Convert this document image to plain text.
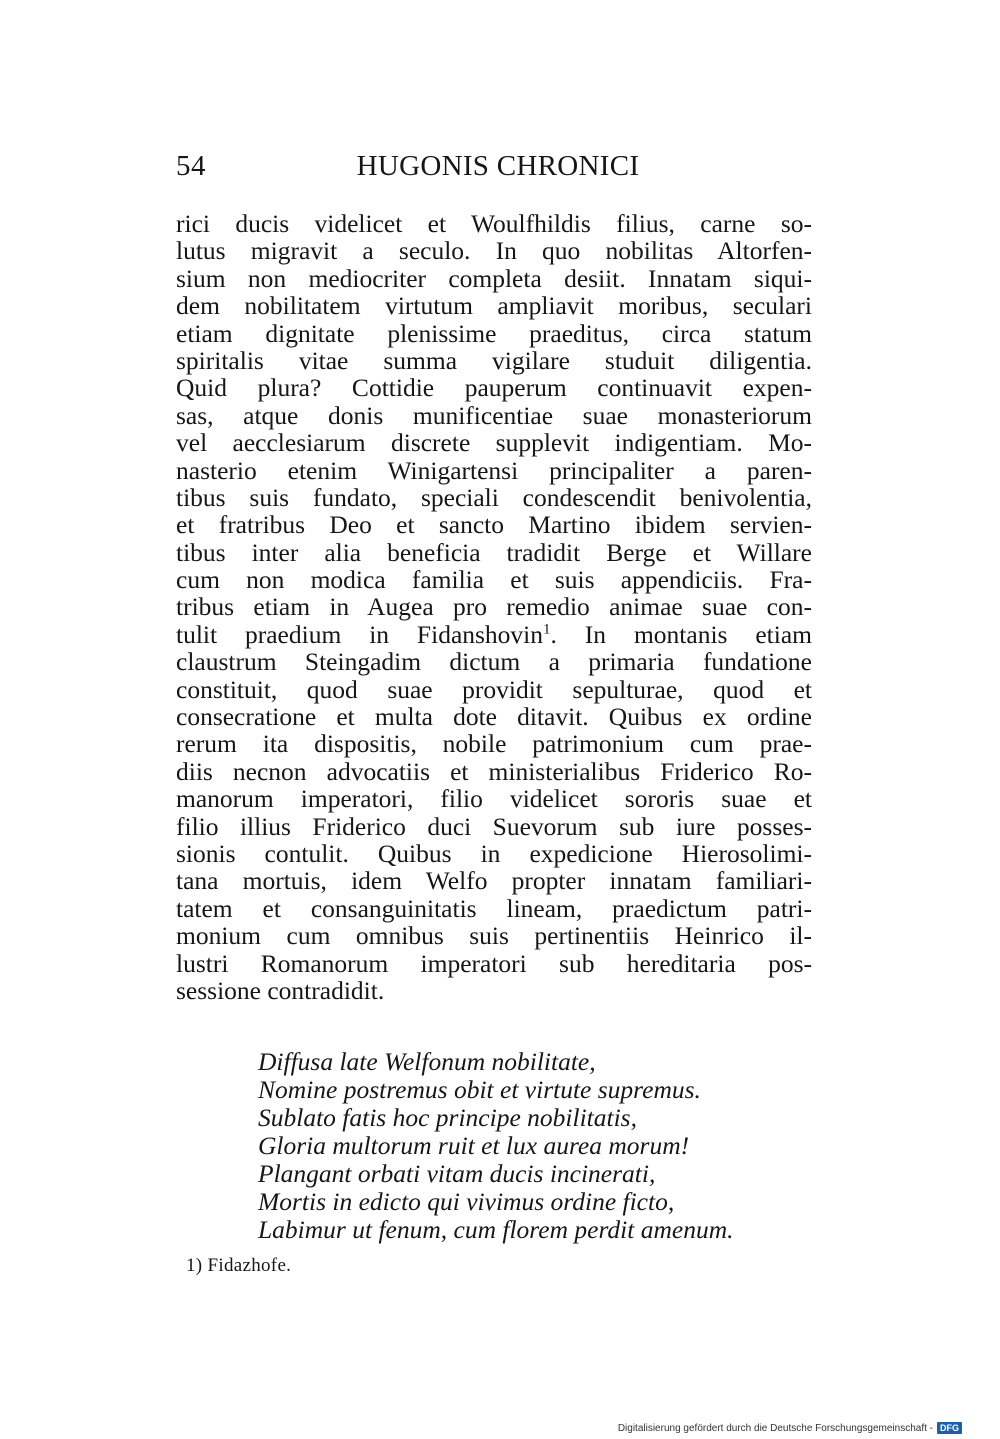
54	HUGONIS CHRONICI
rici ducis videlicet et Woulfhildis filius, carne so-
lutus migravit a seculo. In quo nobilitas Altorfen-
sium non mediocriter completa desiit. Innatam siqui-
dem nobilitatem virtutum ampliavit moribus, seculari
etiam dignitate plenissime praeditus, circa statum
spiritalis vitae summa vigilare studuit diligentia.
Quid plura? Cottidie pauperum continuavit expen-
sas, atque donis munificentiae suae monasteriorum
vel aecclesiarum discrete supplevit indigentiam. Mo-
nasterio etenim Winigartensi principaliter a paren-
tibus suis fundato, speciali condescendit benivolentia,
et fratribus Deo et sancto Martino ibidem servien-
tibus inter alia beneficia tradidit Berge et Willare
cum non modica familia et suis appendiciis. Fra-
tribus etiam in Augea pro remedio animae suae con-
tulit praedium in Fidanshovin$^1$. In montanis etiam
claustrum Steingadim dictum a primaria fundatione
constituit, quod suae providit sepulturae, quod et
consecratione et multa dote ditavit. Quibus ex ordine
rerum ita dispositis, nobile patrimonium cum prae-
diis necnon advocatiis et ministerialibus Friderico Ro-
manorum imperatori, filio videlicet sororis suae et
filio illius Friderico duci Suevorum sub iure posses-
sionis contulit. Quibus in expedicione Hierosolimi-
tana mortuis, idem Welfo propter innatam familiari-
tatem et consanguinitatis lineam, praedictum patri-
monium cum omnibus suis pertinentiis Heinrico il-
lustri Romanorum imperatori sub hereditaria pos-
sessione contradidit.
Diffusa late Welfonum nobilitate,
Nomine postremus obit et virtute supremus.
Sublato fatis hoc principe nobilitatis,
Gloria multorum ruit et lux aurea morum!
Plangant orbati vitam ducis incinerati,
Mortis in edicto qui vivimus ordine ficto,
Labimur ut fenum, cum florem perdit amenum.
1) Fidazhofe.
Digitalisierung gefördert durch die Deutsche Forschungsgemeinschaft - DFG
